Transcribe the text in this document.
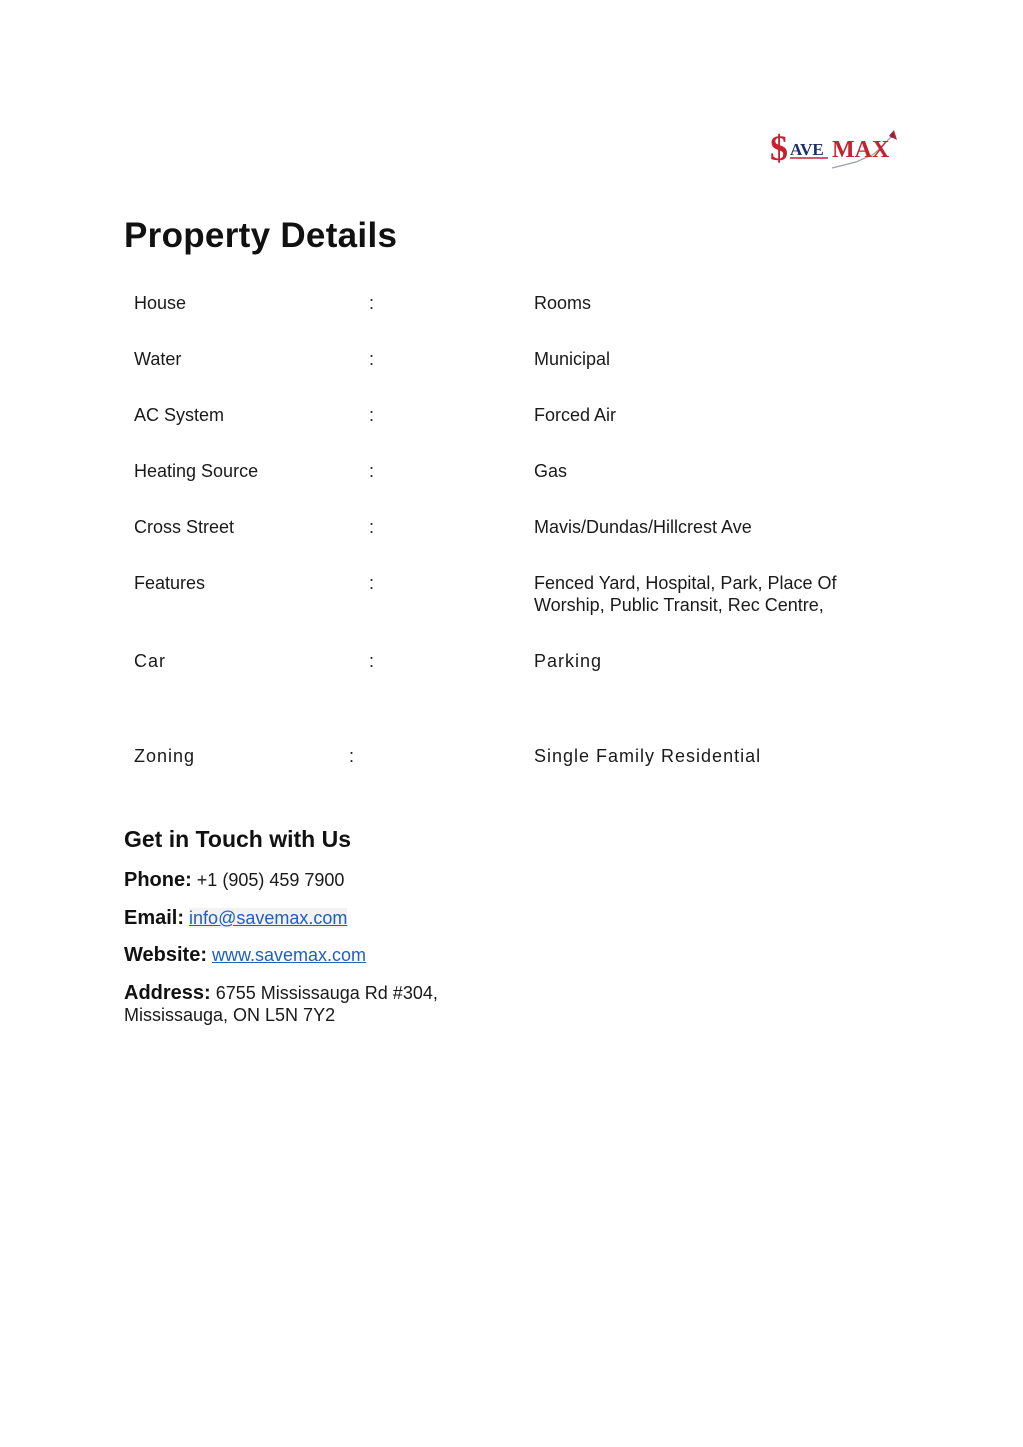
$ AVE MAX ®
Property Details
House	:	Rooms
Water	:	Municipal
AC System	:	Forced Air
Heating Source	:	Gas
Cross Street	:	Mavis/Dundas/Hillcrest Ave
Features	:	Fenced Yard, Hospital, Park, Place Of Worship, Public Transit, Rec Centre,
Car	:	Parking
Zoning	:	Single Family Residential
Get in Touch with Us
Phone: +1 (905) 459 7900
Email: info@savemax.com
Website: www.savemax.com
Address: 6755 Mississauga Rd #304,
Mississauga, ON L5N 7Y2
